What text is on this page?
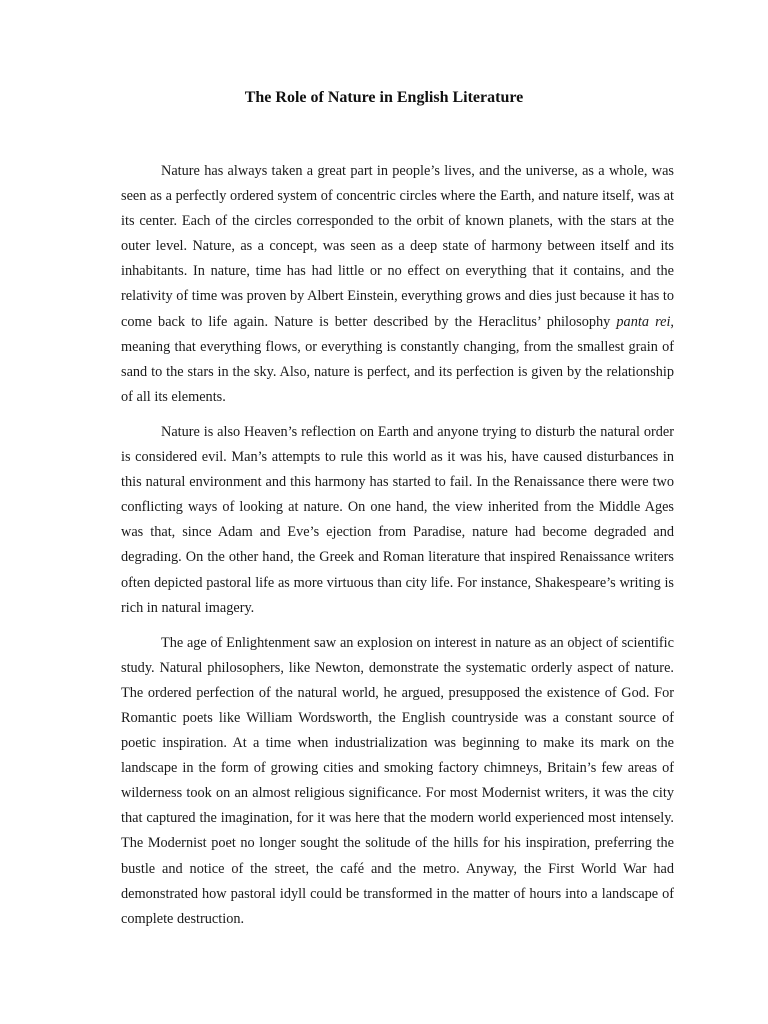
The Role of Nature in English Literature

Nature has always taken a great part in people’s lives, and the universe, as a whole, was seen as a perfectly ordered system of concentric circles where the Earth, and nature itself, was at its center. Each of the circles corresponded to the orbit of known planets, with the stars at the outer level. Nature, as a concept, was seen as a deep state of harmony between itself and its inhabitants. In nature, time has had little or no effect on everything that it contains, and the relativity of time was proven by Albert Einstein, everything grows and dies just because it has to come back to life again. Nature is better described by the Heraclitus’ philosophy panta rei, meaning that everything flows, or everything is constantly changing, from the smallest grain of sand to the stars in the sky. Also, nature is perfect, and its perfection is given by the relationship of all its elements.

Nature is also Heaven’s reflection on Earth and anyone trying to disturb the natural order is considered evil. Man’s attempts to rule this world as it was his, have caused disturbances in this natural environment and this harmony has started to fail. In the Renaissance there were two conflicting ways of looking at nature. On one hand, the view inherited from the Middle Ages was that, since Adam and Eve’s ejection from Paradise, nature had become degraded and degrading. On the other hand, the Greek and Roman literature that inspired Renaissance writers often depicted pastoral life as more virtuous than city life. For instance, Shakespeare’s writing is rich in natural imagery.

The age of Enlightenment saw an explosion on interest in nature as an object of scientific study. Natural philosophers, like Newton, demonstrate the systematic orderly aspect of nature. The ordered perfection of the natural world, he argued, presupposed the existence of God. For Romantic poets like William Wordsworth, the English countryside was a constant source of poetic inspiration. At a time when industrialization was beginning to make its mark on the landscape in the form of growing cities and smoking factory chimneys, Britain’s few areas of wilderness took on an almost religious significance. For most Modernist writers, it was the city that captured the imagination, for it was here that the modern world experienced most intensely. The Modernist poet no longer sought the solitude of the hills for his inspiration, preferring the bustle and notice of the street, the café and the metro. Anyway, the First World War had demonstrated how pastoral idyll could be transformed in the matter of hours into a landscape of complete destruction.
